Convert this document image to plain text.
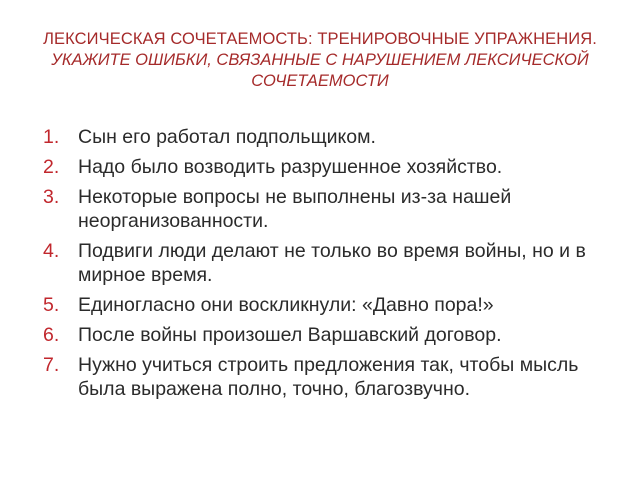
ЛЕКСИЧЕСКАЯ СОЧЕТАЕМОСТЬ: ТРЕНИРОВОЧНЫЕ УПРАЖНЕНИЯ.
УКАЖИТЕ ОШИБКИ, СВЯЗАННЫЕ С НАРУШЕНИЕМ ЛЕКСИЧЕСКОЙ СОЧЕТАЕМОСТИ
1. Сын его работал подпольщиком.
2. Надо было возводить разрушенное хозяйство.
3. Некоторые вопросы не выполнены из-за нашей неорганизованности.
4. Подвиги люди делают не только во время войны, но и в мирное время.
5. Единогласно они воскликнули: «Давно пора!»
6. После войны произошел Варшавский договор.
7. Нужно учиться строить предложения так, чтобы мысль была выражена полно, точно, благозвучно.
